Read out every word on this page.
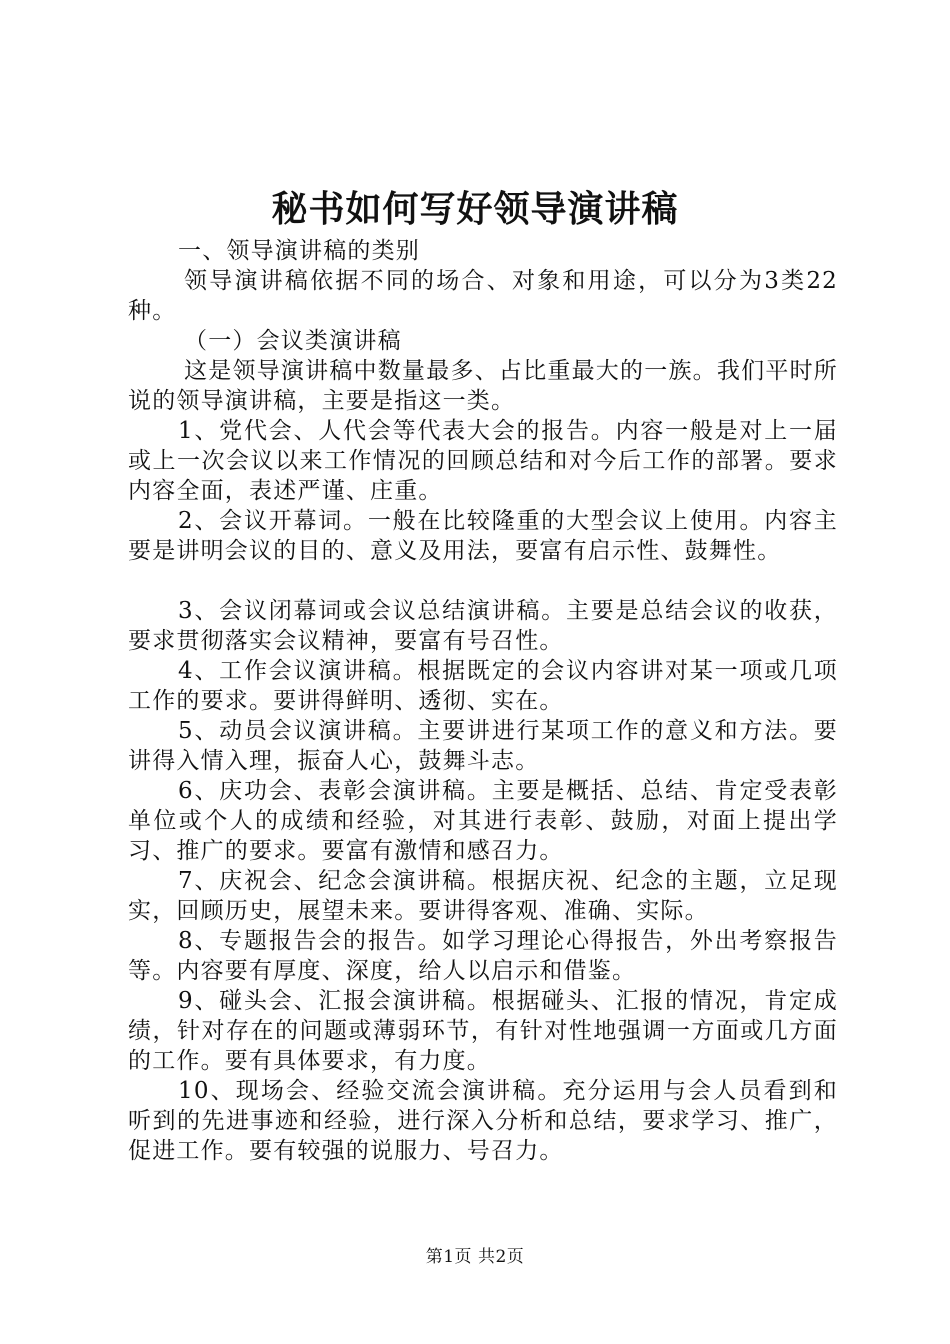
秘书如何写好领导演讲稿

一、领导演讲稿的类别

领导演讲稿依据不同的场合、对象和用途，可以分为3类22种。

（一）会议类演讲稿

这是领导演讲稿中数量最多、占比重最大的一族。我们平时所说的领导演讲稿，主要是指这一类。

1、党代会、人代会等代表大会的报告。内容一般是对上一届或上一次会议以来工作情况的回顾总结和对今后工作的部署。要求内容全面，表述严谨、庄重。

2、会议开幕词。一般在比较隆重的大型会议上使用。内容主要是讲明会议的目的、意义及用法，要富有启示性、鼓舞性。

3、会议闭幕词或会议总结演讲稿。主要是总结会议的收获，要求贯彻落实会议精神，要富有号召性。

4、工作会议演讲稿。根据既定的会议内容讲对某一项或几项工作的要求。要讲得鲜明、透彻、实在。

5、动员会议演讲稿。主要讲进行某项工作的意义和方法。要讲得入情入理，振奋人心，鼓舞斗志。

6、庆功会、表彰会演讲稿。主要是概括、总结、肯定受表彰单位或个人的成绩和经验，对其进行表彰、鼓励，对面上提出学习、推广的要求。要富有激情和感召力。

7、庆祝会、纪念会演讲稿。根据庆祝、纪念的主题，立足现实，回顾历史，展望未来。要讲得客观、准确、实际。

8、专题报告会的报告。如学习理论心得报告，外出考察报告等。内容要有厚度、深度，给人以启示和借鉴。

9、碰头会、汇报会演讲稿。根据碰头、汇报的情况，肯定成绩，针对存在的问题或薄弱环节，有针对性地强调一方面或几方面的工作。要有具体要求，有力度。

10、现场会、经验交流会演讲稿。充分运用与会人员看到和听到的先进事迹和经验，进行深入分析和总结，要求学习、推广，促进工作。要有较强的说服力、号召力。

第1页 共2页
